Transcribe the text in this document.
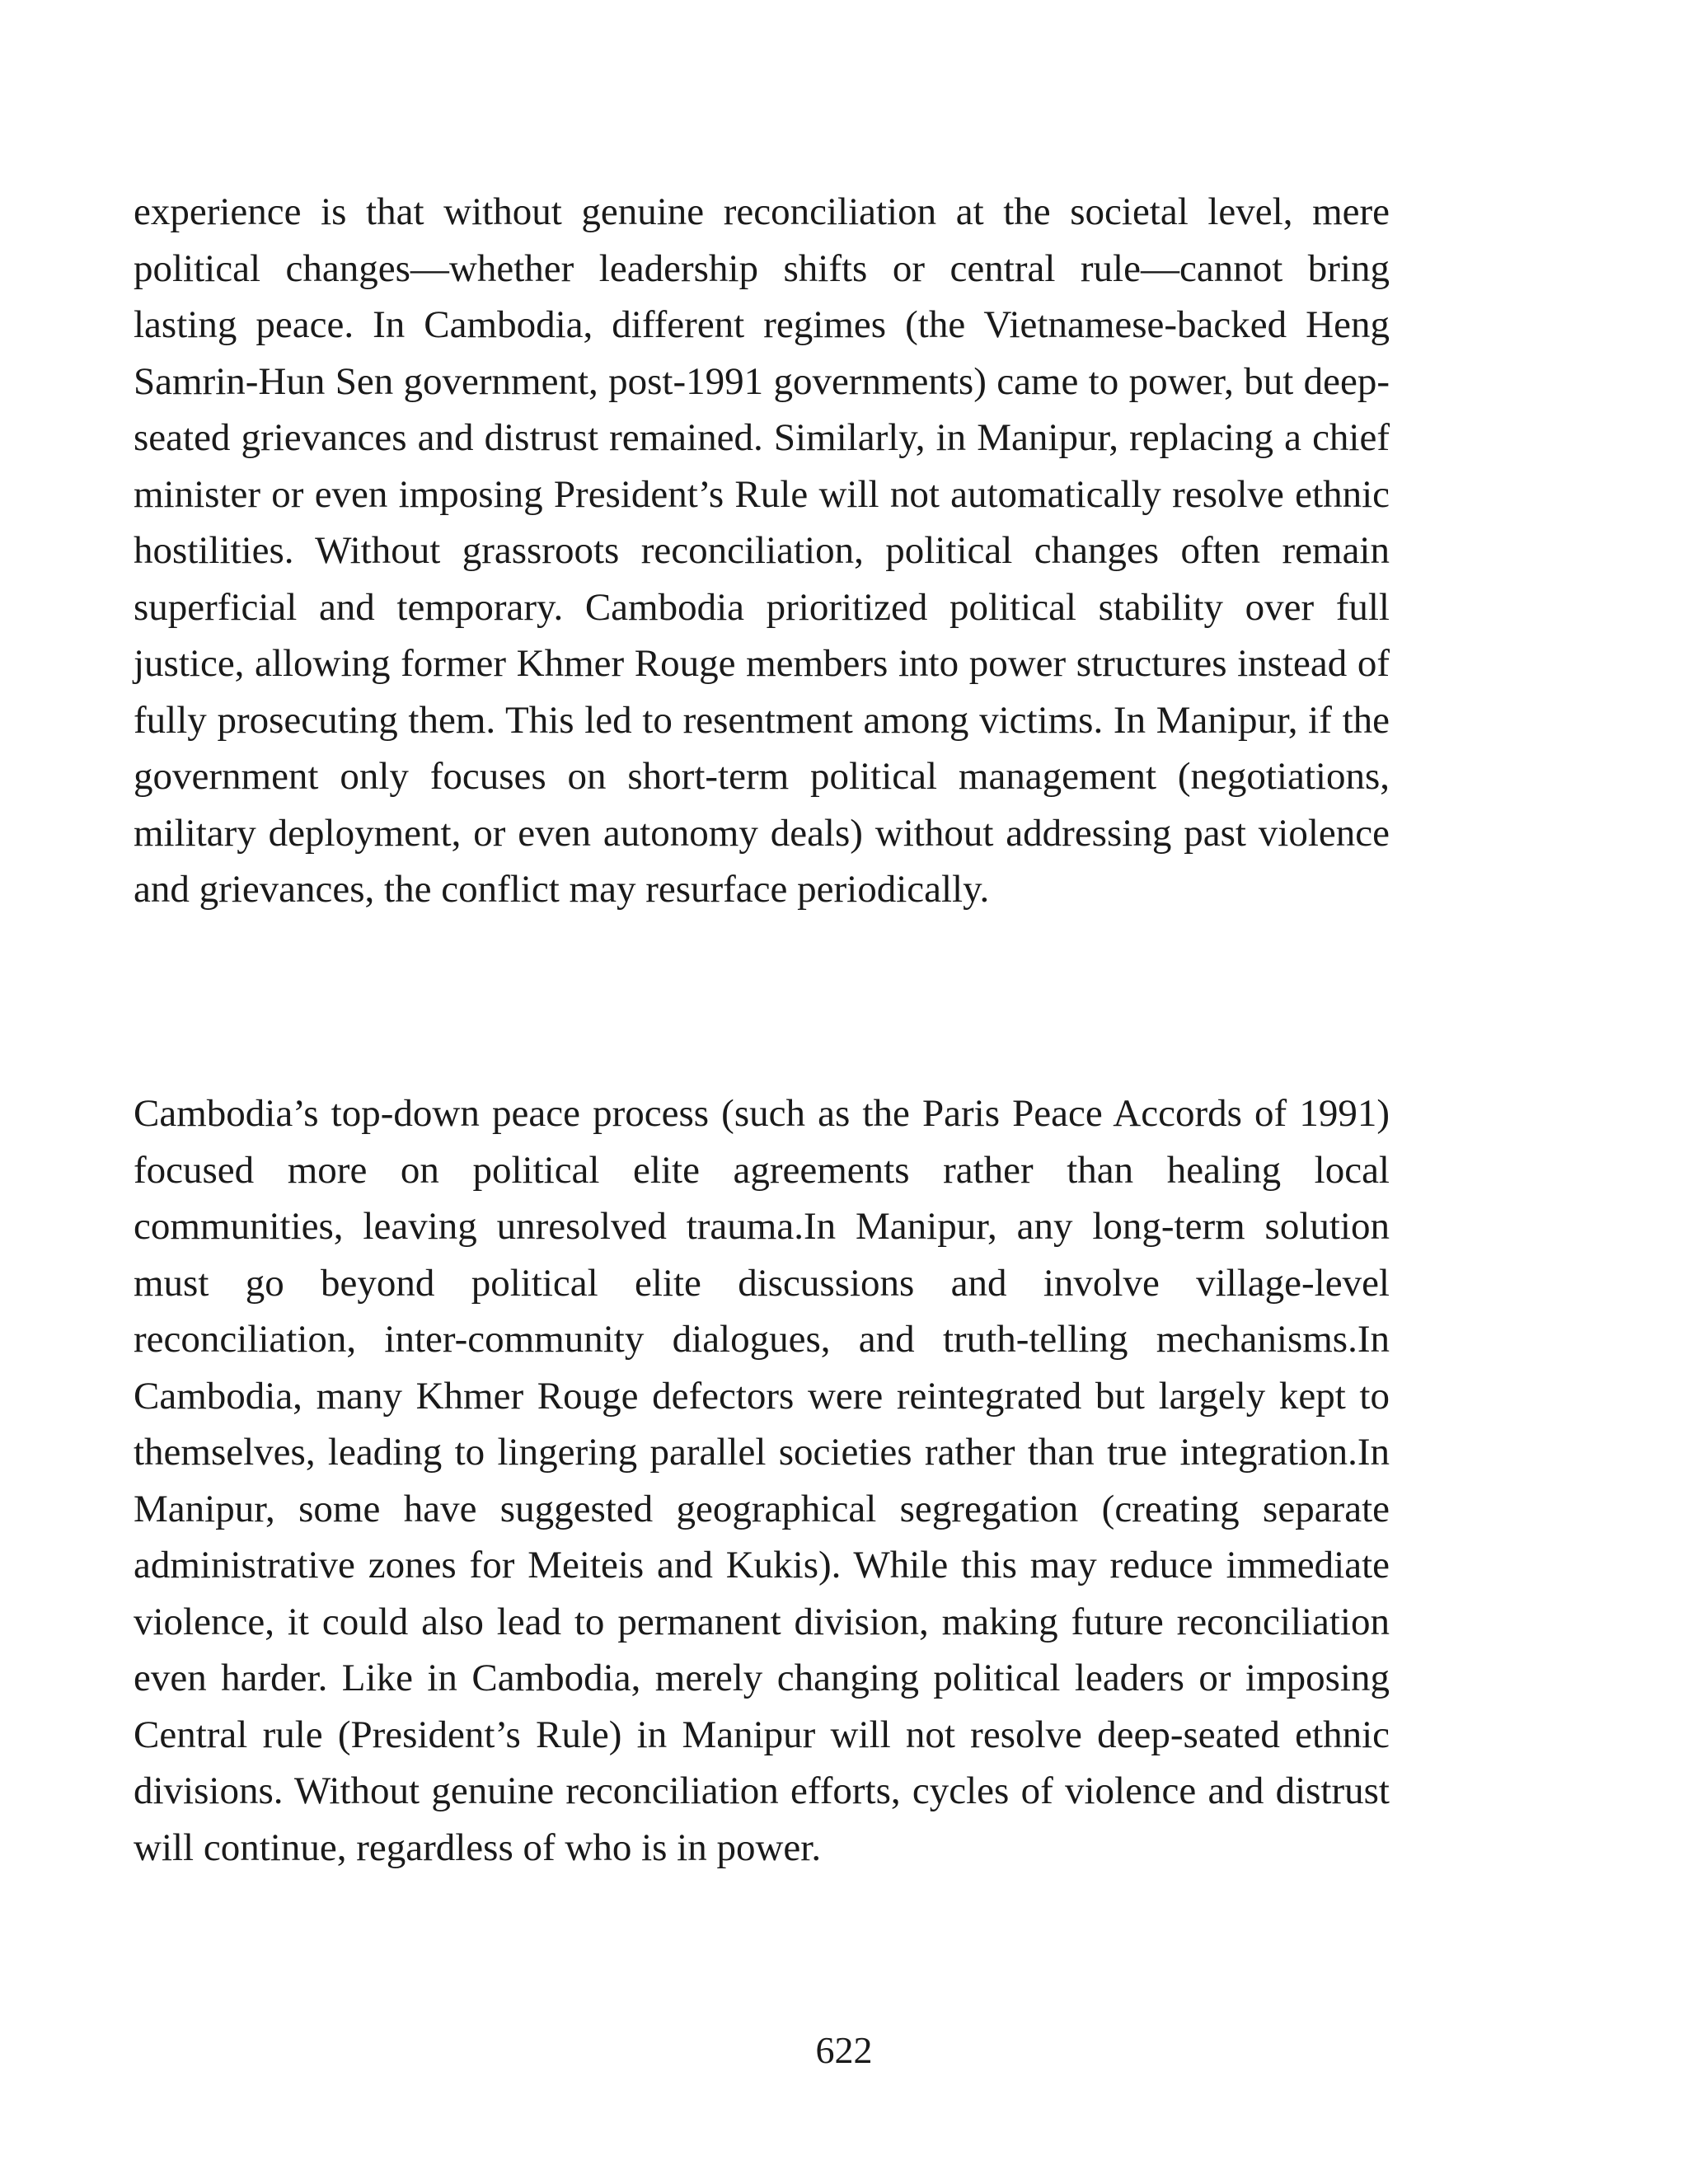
experience is that without genuine reconciliation at the societal level, mere political changes—whether leadership shifts or central rule—cannot bring lasting peace. In Cambodia, different regimes (the Vietnamese-backed Heng Samrin-Hun Sen government, post-1991 governments) came to power, but deep-seated grievances and distrust remained. Similarly, in Manipur, replacing a chief minister or even imposing President’s Rule will not automatically resolve ethnic hostilities. Without grassroots reconciliation, political changes often remain superficial and temporary. Cambodia prioritized political stability over full justice, allowing former Khmer Rouge members into power structures instead of fully prosecuting them. This led to resentment among victims. In Manipur, if the government only focuses on short-term political management (negotiations, military deployment, or even autonomy deals) without addressing past violence and grievances, the conflict may resurface periodically.

Cambodia’s top-down peace process (such as the Paris Peace Accords of 1991) focused more on political elite agreements rather than healing local communities, leaving unresolved trauma.In Manipur, any long-term solution must go beyond political elite discussions and involve village-level reconciliation, inter-community dialogues, and truth-telling mechanisms.In Cambodia, many Khmer Rouge defectors were reintegrated but largely kept to themselves, leading to lingering parallel societies rather than true integration.In Manipur, some have suggested geographical segregation (creating separate administrative zones for Meiteis and Kukis). While this may reduce immediate violence, it could also lead to permanent division, making future reconciliation even harder. Like in Cambodia, merely changing political leaders or imposing Central rule (President’s Rule) in Manipur will not resolve deep-seated ethnic divisions. Without genuine reconciliation efforts, cycles of violence and distrust will continue, regardless of who is in power.

622
